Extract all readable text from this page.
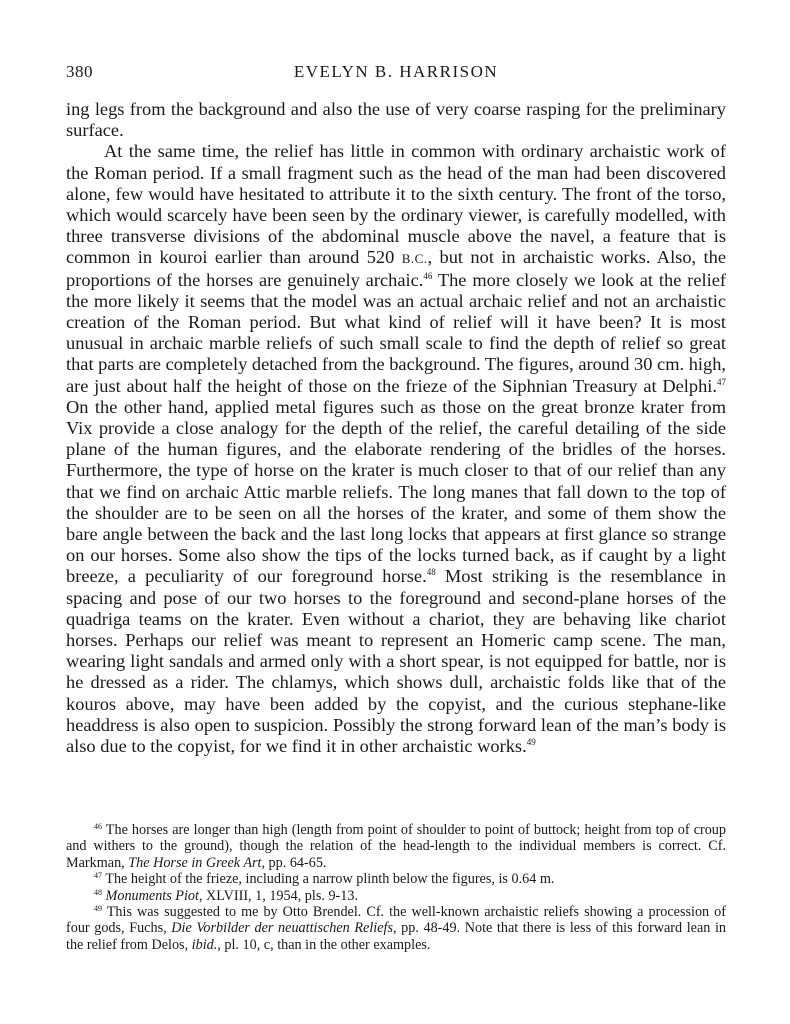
380	EVELYN B. HARRISON

ing legs from the background and also the use of very coarse rasping for the preliminary surface.

At the same time, the relief has little in common with ordinary archaistic work of the Roman period. If a small fragment such as the head of the man had been discovered alone, few would have hesitated to attribute it to the sixth century. The front of the torso, which would scarcely have been seen by the ordinary viewer, is carefully modelled, with three transverse divisions of the abdominal muscle above the navel, a feature that is common in kouroi earlier than around 520 B.C., but not in archaistic works. Also, the proportions of the horses are genuinely archaic.$^{46}$ The more closely we look at the relief the more likely it seems that the model was an actual archaic relief and not an archaistic creation of the Roman period. But what kind of relief will it have been? It is most unusual in archaic marble reliefs of such small scale to find the depth of relief so great that parts are completely detached from the background. The figures, around 30 cm. high, are just about half the height of those on the frieze of the Siphnian Treasury at Delphi.$^{47}$ On the other hand, applied metal figures such as those on the great bronze krater from Vix provide a close analogy for the depth of the relief, the careful detailing of the side plane of the human figures, and the elaborate rendering of the bridles of the horses. Furthermore, the type of horse on the krater is much closer to that of our relief than any that we find on archaic Attic marble reliefs. The long manes that fall down to the top of the shoulder are to be seen on all the horses of the krater, and some of them show the bare angle between the back and the last long locks that appears at first glance so strange on our horses. Some also show the tips of the locks turned back, as if caught by a light breeze, a peculiarity of our foreground horse.$^{48}$ Most striking is the resemblance in spacing and pose of our two horses to the foreground and second-plane horses of the quadriga teams on the krater. Even without a chariot, they are behaving like chariot horses. Perhaps our relief was meant to represent an Homeric camp scene. The man, wearing light sandals and armed only with a short spear, is not equipped for battle, nor is he dressed as a rider. The chlamys, which shows dull, archaistic folds like that of the kouros above, may have been added by the copyist, and the curious stephane-like headdress is also open to suspicion. Possibly the strong forward lean of the man’s body is also due to the copyist, for we find it in other archaistic works.$^{49}$

$^{46}$ The horses are longer than high (length from point of shoulder to point of buttock; height from top of croup and withers to the ground), though the relation of the head-length to the individual members is correct. Cf. Markman, The Horse in Greek Art, pp. 64-65.

$^{47}$ The height of the frieze, including a narrow plinth below the figures, is 0.64 m.

$^{48}$ Monuments Piot, XLVIII, 1, 1954, pls. 9-13.

$^{49}$ This was suggested to me by Otto Brendel. Cf. the well-known archaistic reliefs showing a procession of four gods, Fuchs, Die Vorbilder der neuattischen Reliefs, pp. 48-49. Note that there is less of this forward lean in the relief from Delos, ibid., pl. 10, c, than in the other examples.
